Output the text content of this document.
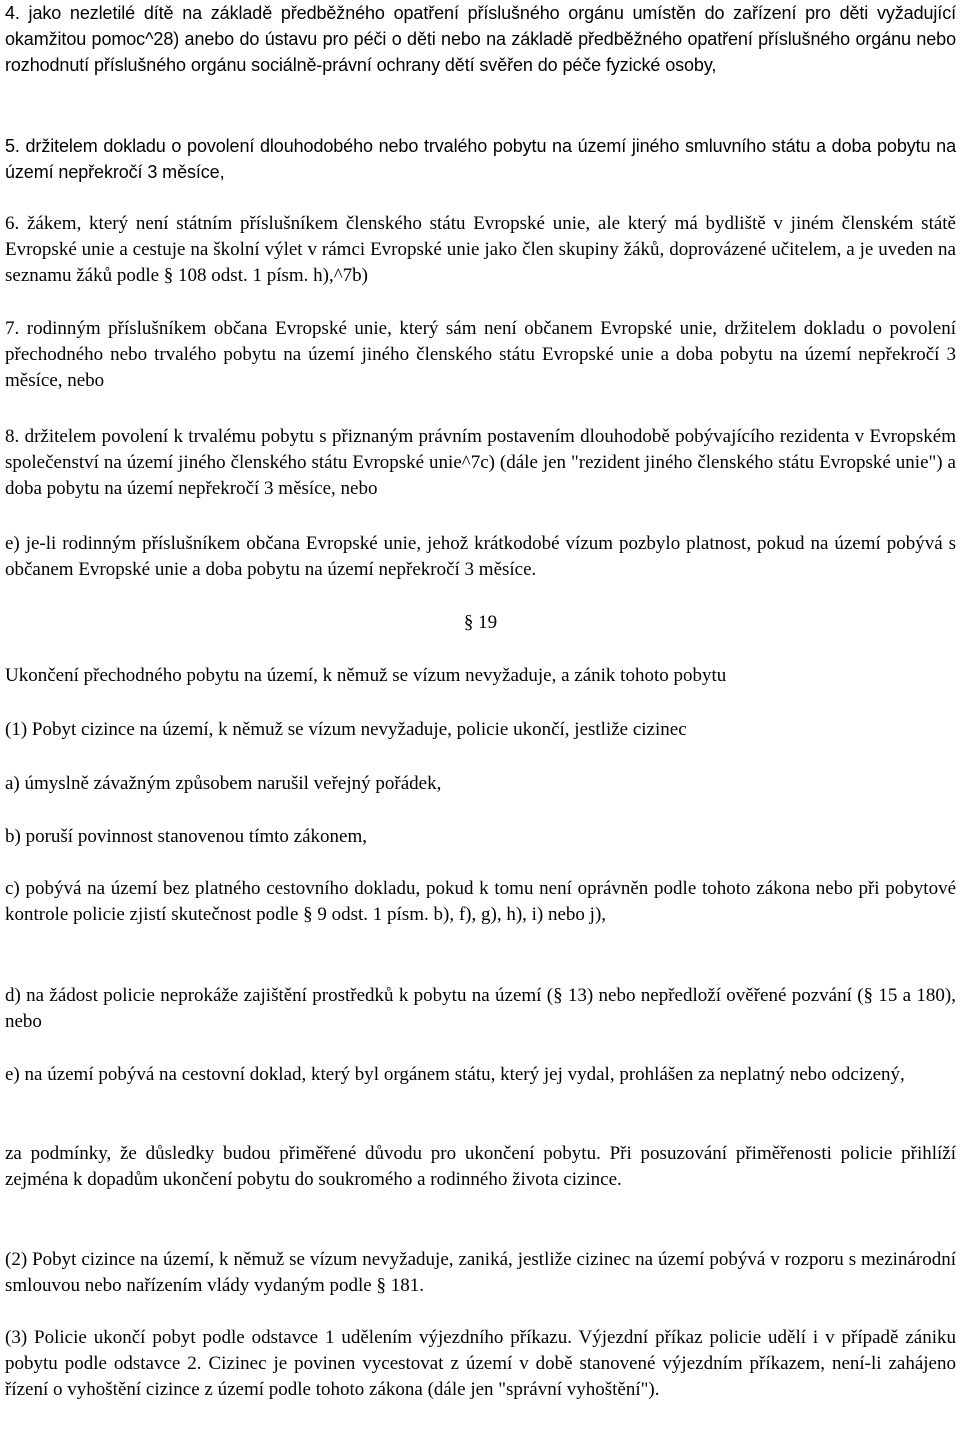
4. jako nezletilé dítě na základě předběžného opatření příslušného orgánu umístěn do zařízení pro děti vyžadující okamžitou pomoc^28) anebo do ústavu pro péči o děti nebo na základě předběžného opatření příslušného orgánu nebo rozhodnutí příslušného orgánu sociálně-právní ochrany dětí svěřen do péče fyzické osoby,

5. držitelem dokladu o povolení dlouhodobého nebo trvalého pobytu na území jiného smluvního státu a doba pobytu na území nepřekročí 3 měsíce,

6. žákem, který není státním příslušníkem členského státu Evropské unie, ale který má bydliště v jiném členském státě Evropské unie a cestuje na školní výlet v rámci Evropské unie jako člen skupiny žáků, doprovázené učitelem, a je uveden na seznamu žáků podle § 108 odst. 1 písm. h),^7b)

7. rodinným příslušníkem občana Evropské unie, který sám není občanem Evropské unie, držitelem dokladu o povolení přechodného nebo trvalého pobytu na území jiného členského státu Evropské unie a doba pobytu na území nepřekročí 3 měsíce, nebo

8. držitelem povolení k trvalému pobytu s přiznaným právním postavením dlouhodobě pobývajícího rezidenta v Evropském společenství na území jiného členského státu Evropské unie^7c) (dále jen "rezident jiného členského státu Evropské unie") a doba pobytu na území nepřekročí 3 měsíce, nebo

e) je-li rodinným příslušníkem občana Evropské unie, jehož krátkodobé vízum pozbylo platnost, pokud na území pobývá s občanem Evropské unie a doba pobytu na území nepřekročí 3 měsíce.

§ 19

Ukončení přechodného pobytu na území, k němuž se vízum nevyžaduje, a zánik tohoto pobytu

(1) Pobyt cizince na území, k němuž se vízum nevyžaduje, policie ukončí, jestliže cizinec

a) úmyslně závažným způsobem narušil veřejný pořádek,

b) poruší povinnost stanovenou tímto zákonem,

c) pobývá na území bez platného cestovního dokladu, pokud k tomu není oprávněn podle tohoto zákona nebo při pobytové kontrole policie zjistí skutečnost podle § 9 odst. 1 písm. b), f), g), h), i) nebo j),

d) na žádost policie neprokáže zajištění prostředků k pobytu na území (§ 13) nebo nepředloží ověřené pozvání (§ 15 a 180), nebo

e) na území pobývá na cestovní doklad, který byl orgánem státu, který jej vydal, prohlášen za neplatný nebo odcizený,

za podmínky, že důsledky budou přiměřené důvodu pro ukončení pobytu. Při posuzování přiměřenosti policie přihlíží zejména k dopadům ukončení pobytu do soukromého a rodinného života cizince.

(2) Pobyt cizince na území, k němuž se vízum nevyžaduje, zaniká, jestliže cizinec na území pobývá v rozporu s mezinárodní smlouvou nebo nařízením vlády vydaným podle § 181.

(3) Policie ukončí pobyt podle odstavce 1 udělením výjezdního příkazu. Výjezdní příkaz policie udělí i v případě zániku pobytu podle odstavce 2. Cizinec je povinen vycestovat z území v době stanovené výjezdním příkazem, není-li zahájeno řízení o vyhoštění cizince z území podle tohoto zákona (dále jen "správní vyhoštění").
